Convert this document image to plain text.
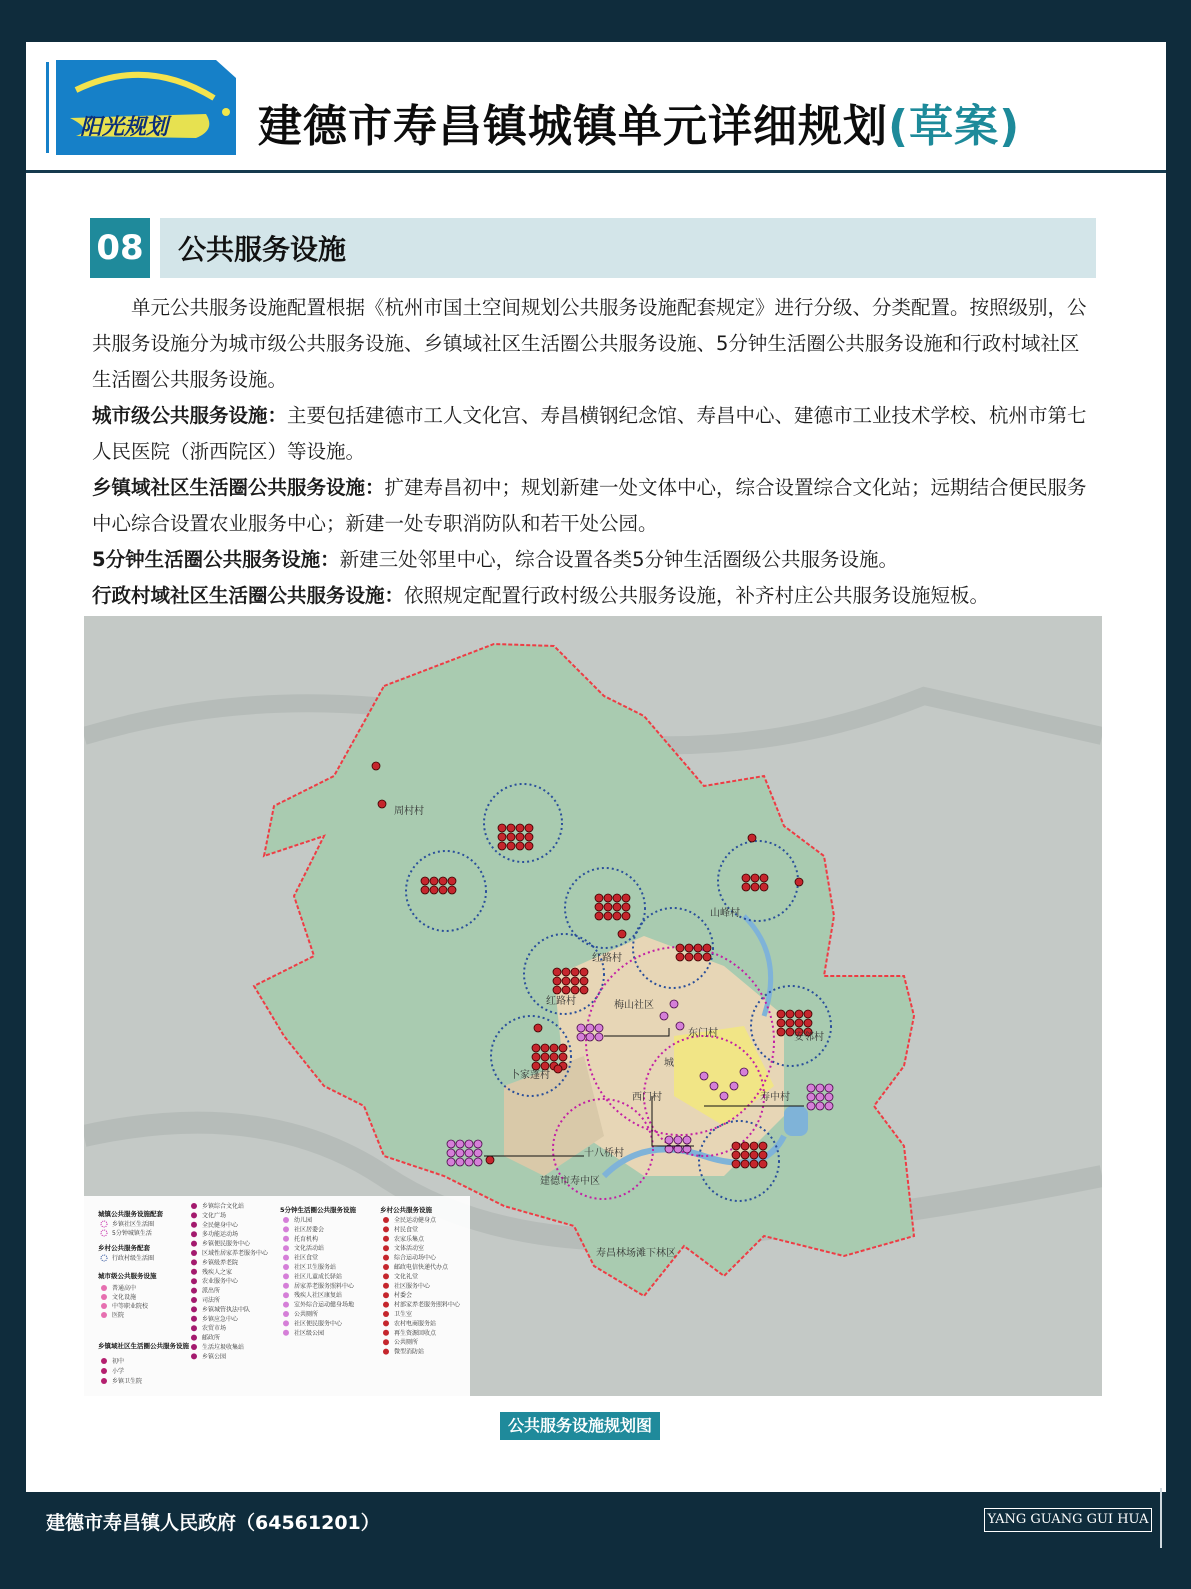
阳光规划 建德市寿昌镇城镇单元详细规划(草案)
08	公共服务设施

单元公共服务设施配置根据《杭州市国土空间规划公共服务设施配套规定》进行分级、分类配置。按照级别，公共服务设施分为城市级公共服务设施、乡镇域社区生活圈公共服务设施、5分钟生活圈公共服务设施和行政村域社区生活圈公共服务设施。

城市级公共服务设施：主要包括建德市工人文化宫、寿昌横钢纪念馆、寿昌中心、建德市工业技术学校、杭州市第七人民医院（浙西院区）等设施。

乡镇域社区生活圈公共服务设施：扩建寿昌初中；规划新建一处文体中心，综合设置综合文化站；远期结合便民服务中心综合设置农业服务中心；新建一处专职消防队和若干处公园。

5分钟生活圈公共服务设施：新建三处邻里中心，综合设置各类5分钟生活圈级公共服务设施。

行政村域社区生活圈公共服务设施：依照规定配置行政村级公共服务设施，补齐村庄公共服务设施短板。

周村村
红路村
红路村	梅山社区
东门村
城
卜家蓬村
西门村	寿中村
十八桥村
建德市寿中区
山峰村
安邻村
寿昌林场滩下林区
城镇公共服务设施配套
乡镇社区生活圈
5分钟城镇生活
乡村公共服务配套
行政村级生活圈
城市级公共服务设施
普通高中
文化设施
中等职业院校
医院
乡镇域社区生活圈公共服务设施
初中
小学
乡镇卫生院
乡镇综合文化站
文化广场
全民健身中心
多功能运动场
乡镇便民服务中心
区域性居家养老服务中心
乡镇级养老院
残疾人之家
农业服务中心
派出所
司法所
乡镇城管执法中队
乡镇应急中心
农贸市场
邮政所
生活垃圾收集站
乡镇公园
5分钟生活圈公共服务设施
幼儿园
社区居委会
托育机构
文化活动站
社区食堂
社区卫生服务站
社区儿童成长驿站
居家养老服务照料中心
残疾人社区康复站
室外综合运动健身场地
公共厕所
社区便民服务中心
社区级公园
乡村公共服务设施
全民运动健身点
村民食堂
农家乐集点
文体活动室
综合运动场中心
邮政电信快递代办点
文化礼堂
社区服务中心
村委会
村部家养老服务照料中心
卫生室
农村电商服务站
再生资源回收点
公共厕所
微型消防站
公共服务设施规划图
建德市寿昌镇人民政府（64561201）	YANG GUANG GUI HUA
